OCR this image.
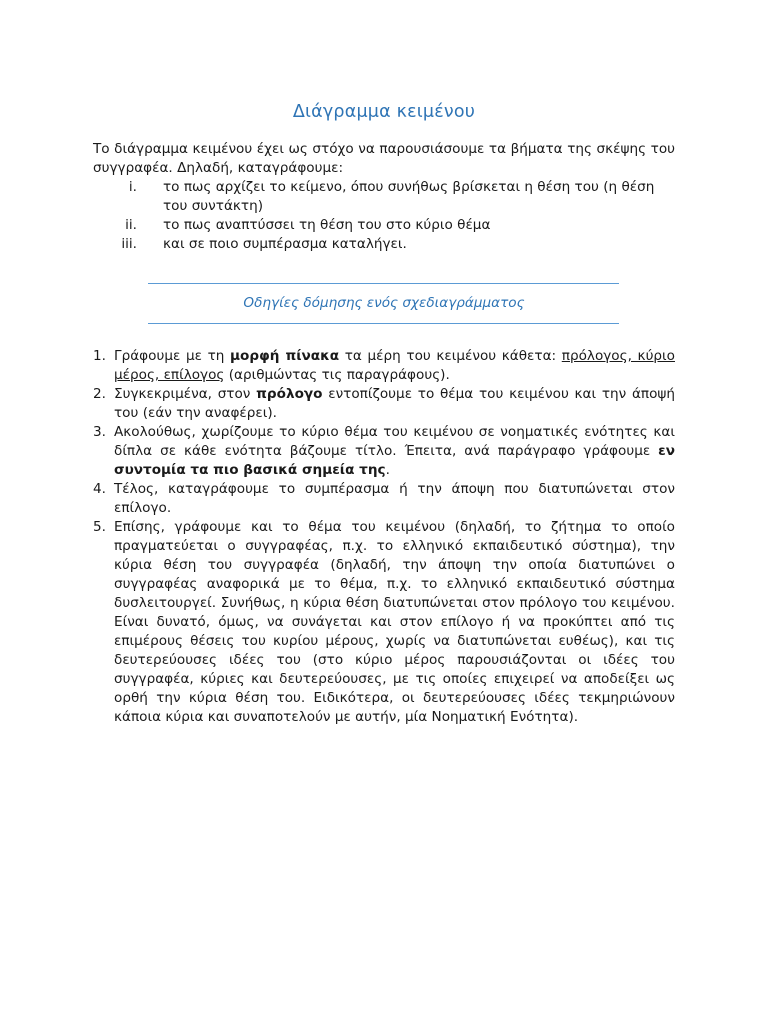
Διάγραμμα κειμένου
Το διάγραμμα κειμένου έχει ως στόχο να παρουσιάσουμε τα βήματα της σκέψης του συγγραφέα. Δηλαδή, καταγράφουμε:
i. το πως αρχίζει το κείμενο, όπου συνήθως βρίσκεται η θέση του (η θέση του συντάκτη)
ii. το πως αναπτύσσει τη θέση του στο κύριο θέμα
iii. και σε ποιο συμπέρασμα καταλήγει.
Οδηγίες δόμησης ενός σχεδιαγράμματος
1. Γράφουμε με τη μορφή πίνακα τα μέρη του κειμένου κάθετα: πρόλογος, κύριο μέρος, επίλογος (αριθμώντας τις παραγράφους).
2. Συγκεκριμένα, στον πρόλογο εντοπίζουμε το θέμα του κειμένου και την άποψή του (εάν την αναφέρει).
3. Ακολούθως, χωρίζουμε το κύριο θέμα του κειμένου σε νοηματικές ενότητες και δίπλα σε κάθε ενότητα βάζουμε τίτλο. Έπειτα, ανά παράγραφο γράφουμε εν συντομία τα πιο βασικά σημεία της.
4. Τέλος, καταγράφουμε το συμπέρασμα ή την άποψη που διατυπώνεται στον επίλογο.
5. Επίσης, γράφουμε και το θέμα του κειμένου (δηλαδή, το ζήτημα το οποίο πραγματεύεται ο συγγραφέας, π.χ. το ελληνικό εκπαιδευτικό σύστημα), την κύρια θέση του συγγραφέα (δηλαδή, την άποψη την οποία διατυπώνει ο συγγραφέας αναφορικά με το θέμα, π.χ. το ελληνικό εκπαιδευτικό σύστημα δυσλειτουργεί. Συνήθως, η κύρια θέση διατυπώνεται στον πρόλογο του κειμένου. Είναι δυνατό, όμως, να συνάγεται και στον επίλογο ή να προκύπτει από τις επιμέρους θέσεις του κυρίου μέρους, χωρίς να διατυπώνεται ευθέως), και τις δευτερεύουσες ιδέες του (στο κύριο μέρος παρουσιάζονται οι ιδέες του συγγραφέα, κύριες και δευτερεύουσες, με τις οποίες επιχειρεί να αποδείξει ως ορθή την κύρια θέση του. Ειδικότερα, οι δευτερεύουσες ιδέες τεκμηριώνουν κάποια κύρια και συναποτελούν με αυτήν, μία Νοηματική Ενότητα).
